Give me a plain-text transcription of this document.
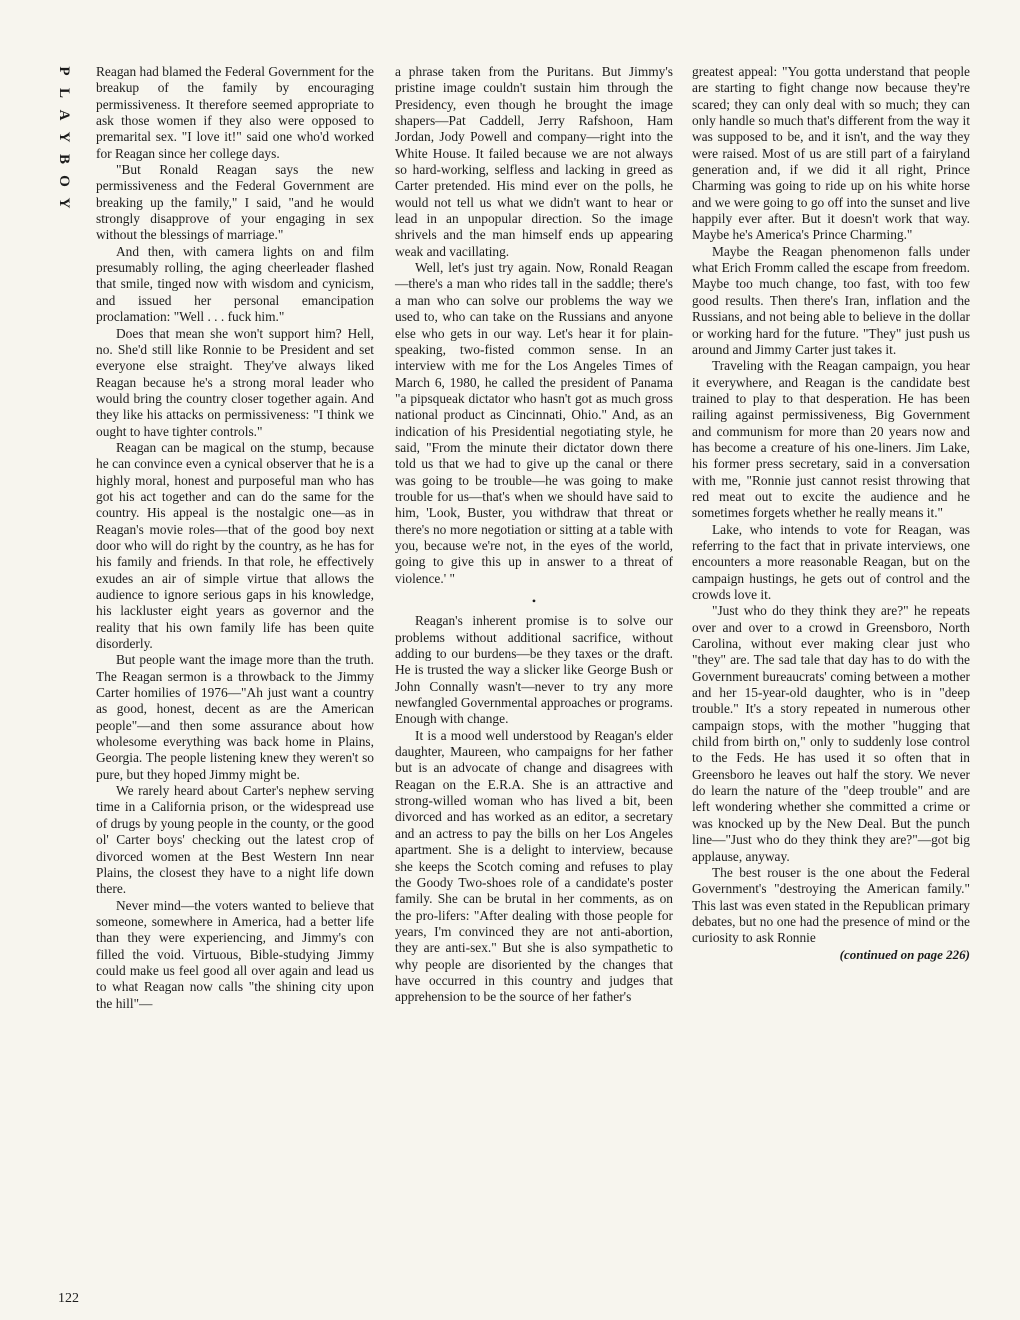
P
L
A
Y
B
O
Y

Reagan had blamed the Federal Government for the breakup of the family by encouraging permissiveness. It therefore seemed appropriate to ask those women if they also were opposed to premarital sex. "I love it!" said one who'd worked for Reagan since her college days.

"But Ronald Reagan says the new permissiveness and the Federal Government are breaking up the family," I said, "and he would strongly disapprove of your engaging in sex without the blessings of marriage."

And then, with camera lights on and film presumably rolling, the aging cheerleader flashed that smile, tinged now with wisdom and cynicism, and issued her personal emancipation proclamation: "Well . . . fuck him."

Does that mean she won't support him? Hell, no. She'd still like Ronnie to be President and set everyone else straight. They've always liked Reagan because he's a strong moral leader who would bring the country closer together again. And they like his attacks on permissiveness: "I think we ought to have tighter controls."

Reagan can be magical on the stump, because he can convince even a cynical observer that he is a highly moral, honest and purposeful man who has got his act together and can do the same for the country. His appeal is the nostalgic one—as in Reagan's movie roles—that of the good boy next door who will do right by the country, as he has for his family and friends. In that role, he effectively exudes an air of simple virtue that allows the audience to ignore serious gaps in his knowledge, his lackluster eight years as governor and the reality that his own family life has been quite disorderly.

But people want the image more than the truth. The Reagan sermon is a throwback to the Jimmy Carter homilies of 1976—"Ah just want a country as good, honest, decent as are the American people"—and then some assurance about how wholesome everything was back home in Plains, Georgia. The people listening knew they weren't so pure, but they hoped Jimmy might be.

We rarely heard about Carter's nephew serving time in a California prison, or the widespread use of drugs by young people in the county, or the good ol' Carter boys' checking out the latest crop of divorced women at the Best Western Inn near Plains, the closest they have to a night life down there.

Never mind—the voters wanted to believe that someone, somewhere in America, had a better life than they were experiencing, and Jimmy's con filled the void. Virtuous, Bible-studying Jimmy could make us feel good all over again and lead us to what Reagan now calls "the shining city upon the hill"—

a phrase taken from the Puritans. But Jimmy's pristine image couldn't sustain him through the Presidency, even though he brought the image shapers—Pat Caddell, Jerry Rafshoon, Ham Jordan, Jody Powell and company—right into the White House. It failed because we are not always so hard-working, selfless and lacking in greed as Carter pretended. His mind ever on the polls, he would not tell us what we didn't want to hear or lead in an unpopular direction. So the image shrivels and the man himself ends up appearing weak and vacillating.

Well, let's just try again. Now, Ronald Reagan—there's a man who rides tall in the saddle; there's a man who can solve our problems the way we used to, who can take on the Russians and anyone else who gets in our way. Let's hear it for plain-speaking, two-fisted common sense. In an interview with me for the Los Angeles Times of March 6, 1980, he called the president of Panama "a pipsqueak dictator who hasn't got as much gross national product as Cincinnati, Ohio." And, as an indication of his Presidential negotiating style, he said, "From the minute their dictator down there told us that we had to give up the canal or there was going to be trouble—he was going to make trouble for us—that's when we should have said to him, 'Look, Buster, you withdraw that threat or there's no more negotiation or sitting at a table with you, because we're not, in the eyes of the world, going to give this up in answer to a threat of violence.' "

•

Reagan's inherent promise is to solve our problems without additional sacrifice, without adding to our burdens—be they taxes or the draft. He is trusted the way a slicker like George Bush or John Connally wasn't—never to try any more newfangled Governmental approaches or programs. Enough with change.

It is a mood well understood by Reagan's elder daughter, Maureen, who campaigns for her father but is an advocate of change and disagrees with Reagan on the E.R.A. She is an attractive and strong-willed woman who has lived a bit, been divorced and has worked as an editor, a secretary and an actress to pay the bills on her Los Angeles apartment. She is a delight to interview, because she keeps the Scotch coming and refuses to play the Goody Two-shoes role of a candidate's poster family. She can be brutal in her comments, as on the pro-lifers: "After dealing with those people for years, I'm convinced they are not anti-abortion, they are anti-sex." But she is also sympathetic to why people are disoriented by the changes that have occurred in this country and judges that apprehension to be the source of her father's

greatest appeal: "You gotta understand that people are starting to fight change now because they're scared; they can only deal with so much; they can only handle so much that's different from the way it was supposed to be, and it isn't, and the way they were raised. Most of us are still part of a fairyland generation and, if we did it all right, Prince Charming was going to ride up on his white horse and we were going to go off into the sunset and live happily ever after. But it doesn't work that way. Maybe he's America's Prince Charming."

Maybe the Reagan phenomenon falls under what Erich Fromm called the escape from freedom. Maybe too much change, too fast, with too few good results. Then there's Iran, inflation and the Russians, and not being able to believe in the dollar or working hard for the future. "They" just push us around and Jimmy Carter just takes it.

Traveling with the Reagan campaign, you hear it everywhere, and Reagan is the candidate best trained to play to that desperation. He has been railing against permissiveness, Big Government and communism for more than 20 years now and has become a creature of his one-liners. Jim Lake, his former press secretary, said in a conversation with me, "Ronnie just cannot resist throwing that red meat out to excite the audience and he sometimes forgets whether he really means it."

Lake, who intends to vote for Reagan, was referring to the fact that in private interviews, one encounters a more reasonable Reagan, but on the campaign hustings, he gets out of control and the crowds love it.

"Just who do they think they are?" he repeats over and over to a crowd in Greensboro, North Carolina, without ever making clear just who "they" are. The sad tale that day has to do with the Government bureaucrats' coming between a mother and her 15-year-old daughter, who is in "deep trouble." It's a story repeated in numerous other campaign stops, with the mother "hugging that child from birth on," only to suddenly lose control to the Feds. He has used it so often that in Greensboro he leaves out half the story. We never do learn the nature of the "deep trouble" and are left wondering whether she committed a crime or was knocked up by the New Deal. But the punch line—"Just who do they think they are?"—got big applause, anyway.

The best rouser is the one about the Federal Government's "destroying the American family." This last was even stated in the Republican primary debates, but no one had the presence of mind or the curiosity to ask Ronnie

(continued on page 226)
122
